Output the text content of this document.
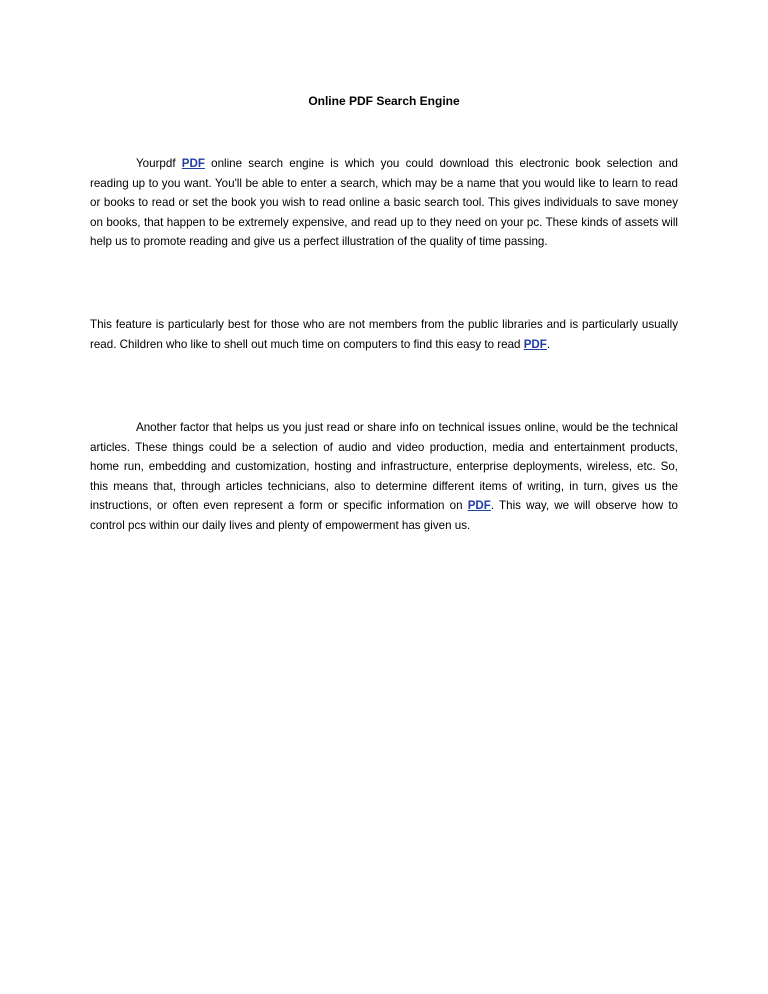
Online PDF Search Engine

Yourpdf PDF online search engine is which you could download this electronic book selection and reading up to you want. You'll be able to enter a search, which may be a name that you would like to learn to read or books to read or set the book you wish to read online a basic search tool. This gives individuals to save money on books, that happen to be extremely expensive, and read up to they need on your pc. These kinds of assets will help us to promote reading and give us a perfect illustration of the quality of time passing.

This feature is particularly best for those who are not members from the public libraries and is particularly usually read. Children who like to shell out much time on computers to find this easy to read PDF.

Another factor that helps us you just read or share info on technical issues online, would be the technical articles. These things could be a selection of audio and video production, media and entertainment products, home run, embedding and customization, hosting and infrastructure, enterprise deployments, wireless, etc. So, this means that, through articles technicians, also to determine different items of writing, in turn, gives us the instructions, or often even represent a form or specific information on PDF. This way, we will observe how to control pcs within our daily lives and plenty of empowerment has given us.
